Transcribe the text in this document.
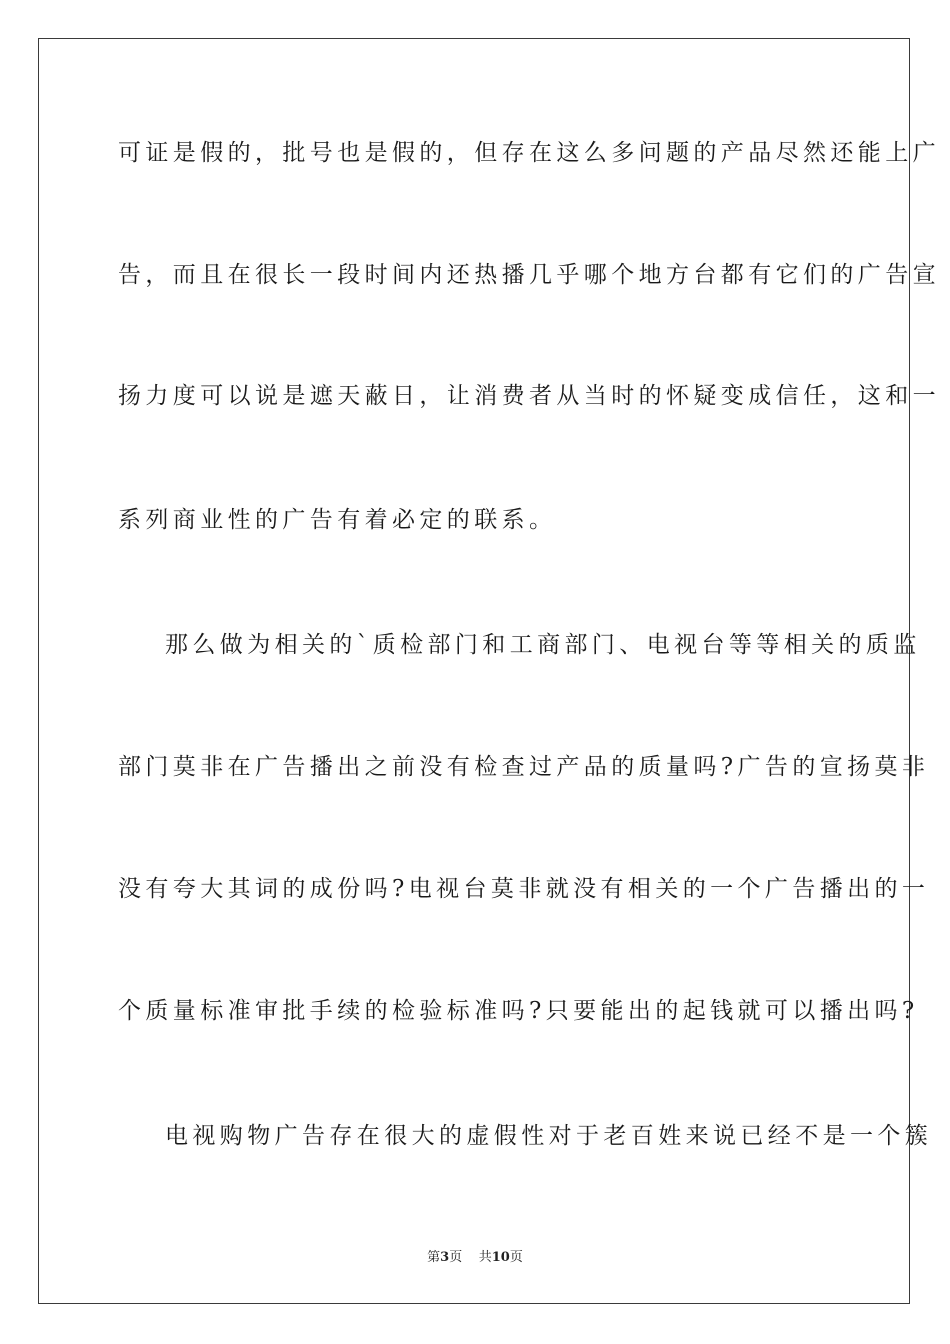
可证是假的，批号也是假的，但存在这么多问题的产品尽然还能上广
告，而且在很长一段时间内还热播几乎哪个地方台都有它们的广告宣
扬力度可以说是遮天蔽日，让消费者从当时的怀疑变成信任，这和一
系列商业性的广告有着必定的联系。
那么做为相关的`质检部门和工商部门、电视台等等相关的质监
部门莫非在广告播出之前没有检查过产品的质量吗?广告的宣扬莫非
没有夸大其词的成份吗?电视台莫非就没有相关的一个广告播出的一
个质量标准审批手续的检验标准吗?只要能出的起钱就可以播出吗?
电视购物广告存在很大的虚假性对于老百姓来说已经不是一个簇
第3页 共10页
